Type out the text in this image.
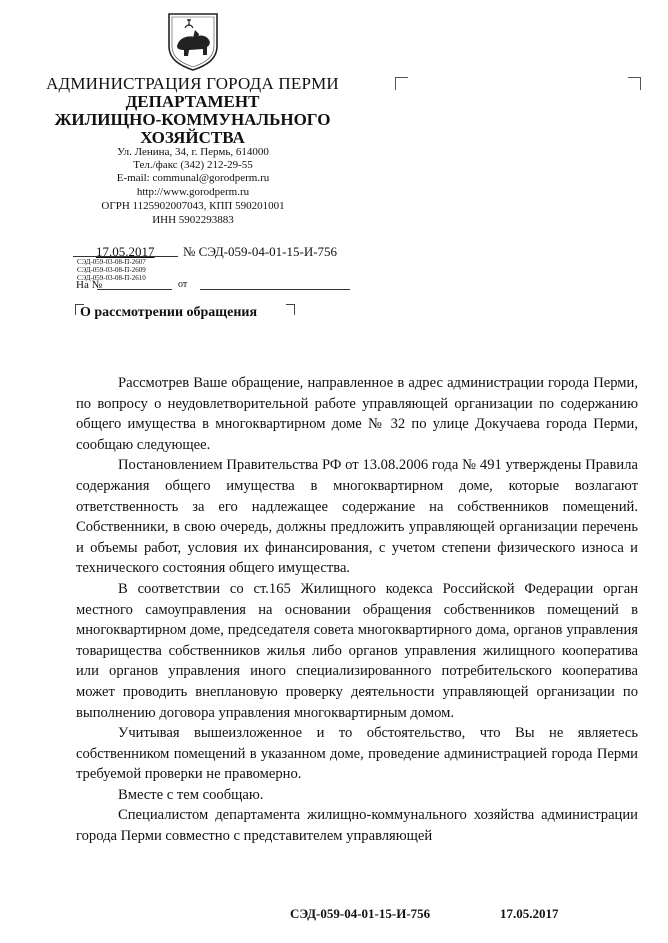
АДМИНИСТРАЦИЯ ГОРОДА ПЕРМИ
ДЕПАРТАМЕНТ
ЖИЛИЩНО-КОММУНАЛЬНОГО
ХОЗЯЙСТВА
Ул. Ленина, 34, г. Пермь, 614000
Тел./факс (342) 212-29-55
E-mail: communal@gorodperm.ru
http://www.gorodperm.ru
ОГРН 1125902007043, КПП 590201001
ИНН 5902293883
17.05.2017 № СЭД-059-04-01-15-И-756
СЭД-059-03-08-П-2607
СЭД-059-03-08-П-2609
СЭД-059-03-08-П-2610
На №	от
О рассмотрении обращения

Рассмотрев Ваше обращение, направленное в адрес администрации города Перми, по вопросу о неудовлетворительной работе управляющей организации по содержанию общего имущества в многоквартирном доме № 32 по улице Докучаева города Перми, сообщаю следующее.

Постановлением Правительства РФ от 13.08.2006 года № 491 утверждены Правила содержания общего имущества в многоквартирном доме, которые возлагают ответственность за его надлежащее содержание на собственников помещений. Собственники, в свою очередь, должны предложить управляющей организации перечень и объемы работ, условия их финансирования, с учетом степени физического износа и технического состояния общего имущества.

В соответствии со ст.165 Жилищного кодекса Российской Федерации орган местного самоуправления на основании обращения собственников помещений в многоквартирном доме, председателя совета многоквартирного дома, органов управления товарищества собственников жилья либо органов управления жилищного кооператива или органов управления иного специализированного потребительского кооператива может проводить внеплановую проверку деятельности управляющей организации по выполнению договора управления многоквартирным домом.

Учитывая вышеизложенное и то обстоятельство, что Вы не являетесь собственником помещений в указанном доме, проведение администрацией города Перми требуемой проверки не правомерно.

Вместе с тем сообщаю.

Специалистом департамента жилищно-коммунального хозяйства администрации города Перми совместно с представителем управляющей

СЭД-059-04-01-15-И-756	17.05.2017
